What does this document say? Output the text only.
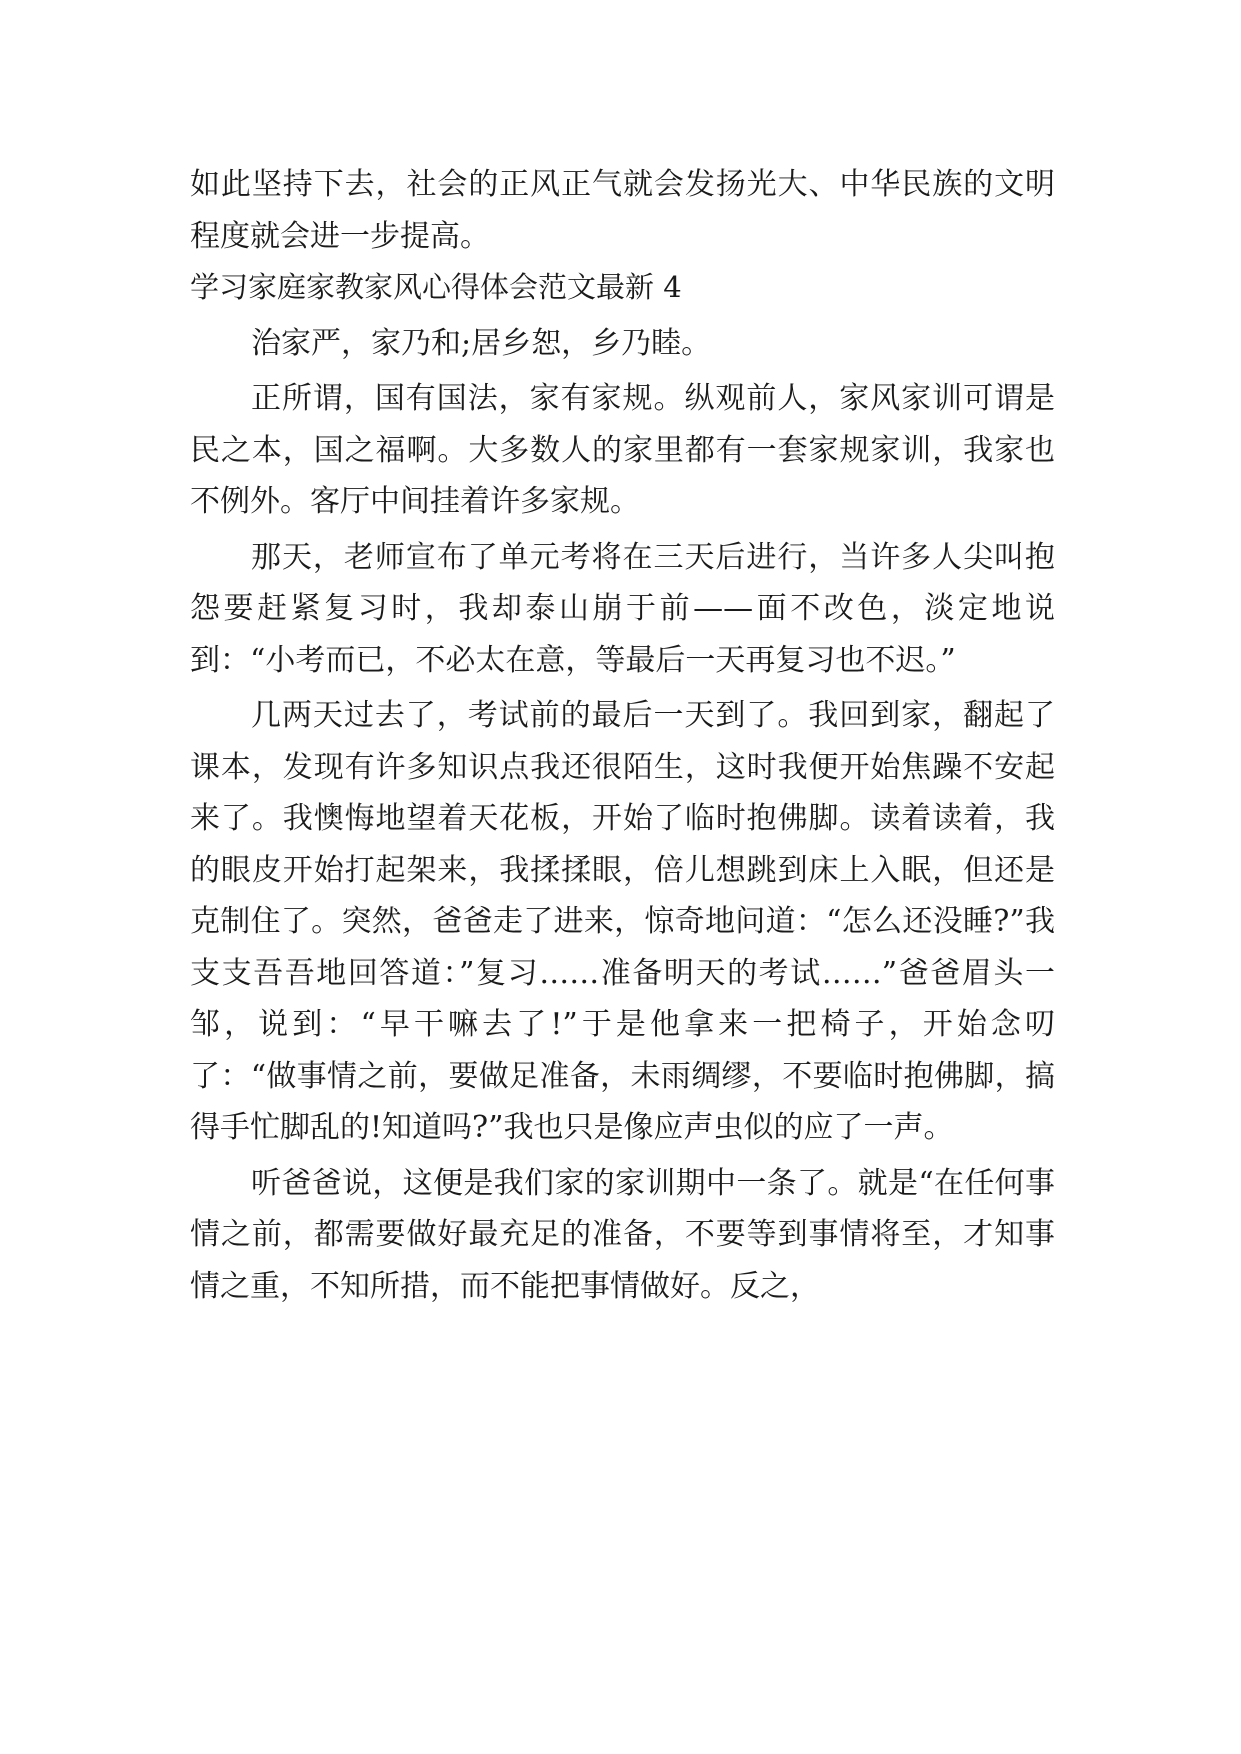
如此坚持下去，社会的正风正气就会发扬光大、中华民族的文明程度就会进一步提高。

学习家庭家教家风心得体会范文最新 4

治家严，家乃和;居乡恕，乡乃睦。

正所谓，国有国法，家有家规。纵观前人，家风家训可谓是民之本，国之福啊。大多数人的家里都有一套家规家训，我家也不例外。客厅中间挂着许多家规。

那天，老师宣布了单元考将在三天后进行，当许多人尖叫抱怨要赶紧复习时，我却泰山崩于前——面不改色，淡定地说到：“小考而已，不必太在意，等最后一天再复习也不迟。”

几两天过去了，考试前的最后一天到了。我回到家，翻起了课本，发现有许多知识点我还很陌生，这时我便开始焦躁不安起来了。我懊悔地望着天花板，开始了临时抱佛脚。读着读着，我的眼皮开始打起架来，我揉揉眼，倍儿想跳到床上入眠，但还是克制住了。突然，爸爸走了进来，惊奇地问道：“怎么还没睡?”我支支吾吾地回答道：”复习……准备明天的考试……”爸爸眉头一邹，说到：“早干嘛去了!”于是他拿来一把椅子，开始念叨了：“做事情之前，要做足准备，未雨绸缪，不要临时抱佛脚，搞得手忙脚乱的!知道吗?”我也只是像应声虫似的应了一声。

听爸爸说，这便是我们家的家训期中一条了。就是“在任何事情之前，都需要做好最充足的准备，不要等到事情将至，才知事情之重，不知所措，而不能把事情做好。反之，
